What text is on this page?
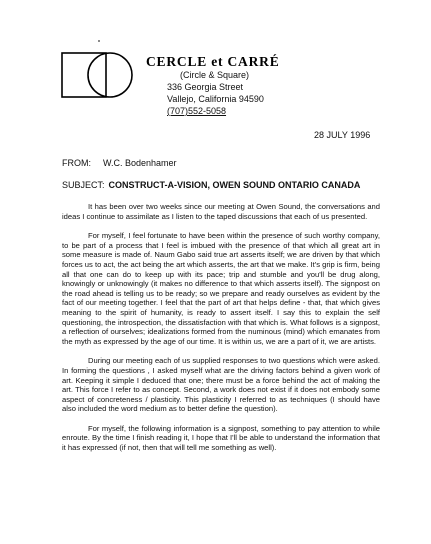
CERCLE et CARRÉ
(Circle & Square)
336 Georgia Street
Vallejo, California 94590
(707)552-5058
28 JULY 1996
FROM: W.C. Bodenhamer
SUBJECT: CONSTRUCT-A-VISION, OWEN SOUND ONTARIO CANADA

It has been over two weeks since our meeting at Owen Sound, the conversations and ideas I continue to assimilate as I listen to the taped discussions that each of us presented.

For myself, I feel fortunate to have been within the presence of such worthy company, to be part of a process that I feel is imbued with the presence of that which all great art in some measure is made of. Naum Gabo said true art asserts itself; we are driven by that which forces us to act, the act being the art which asserts, the art that we make. It's grip is firm, being all that one can do to keep up with its pace; trip and stumble and you'll be drug along, knowingly or unknowingly (it makes no difference to that which asserts itself). The signpost on the road ahead is telling us to be ready; so we prepare and ready ourselves as evident by the fact of our meeting together. I feel that the part of art that helps define - that, that which gives meaning to the spirit of humanity, is ready to assert itself. I say this to explain the self questioning, the introspection, the dissatisfaction with that which is. What follows is a signpost, a reflection of ourselves; idealizations formed from the numinous (mind) which emanates from the myth as expressed by the age of our time. It is within us, we are a part of it, we are artists.

During our meeting each of us supplied responses to two questions which were asked. In forming the questions , I asked myself what are the driving factors behind a given work of art. Keeping it simple I deduced that one; there must be a force behind the act of making the art. This force I refer to as concept. Second, a work does not exist if it does not embody some aspect of concreteness / plasticity. This plasticity I referred to as techniques (I should have also included the word medium as to better define the question).

For myself, the following information is a signpost, something to pay attention to while enroute. By the time I finish reading it, I hope that I'll be able to understand the information that it has expressed (if not, then that will tell me something as well).
